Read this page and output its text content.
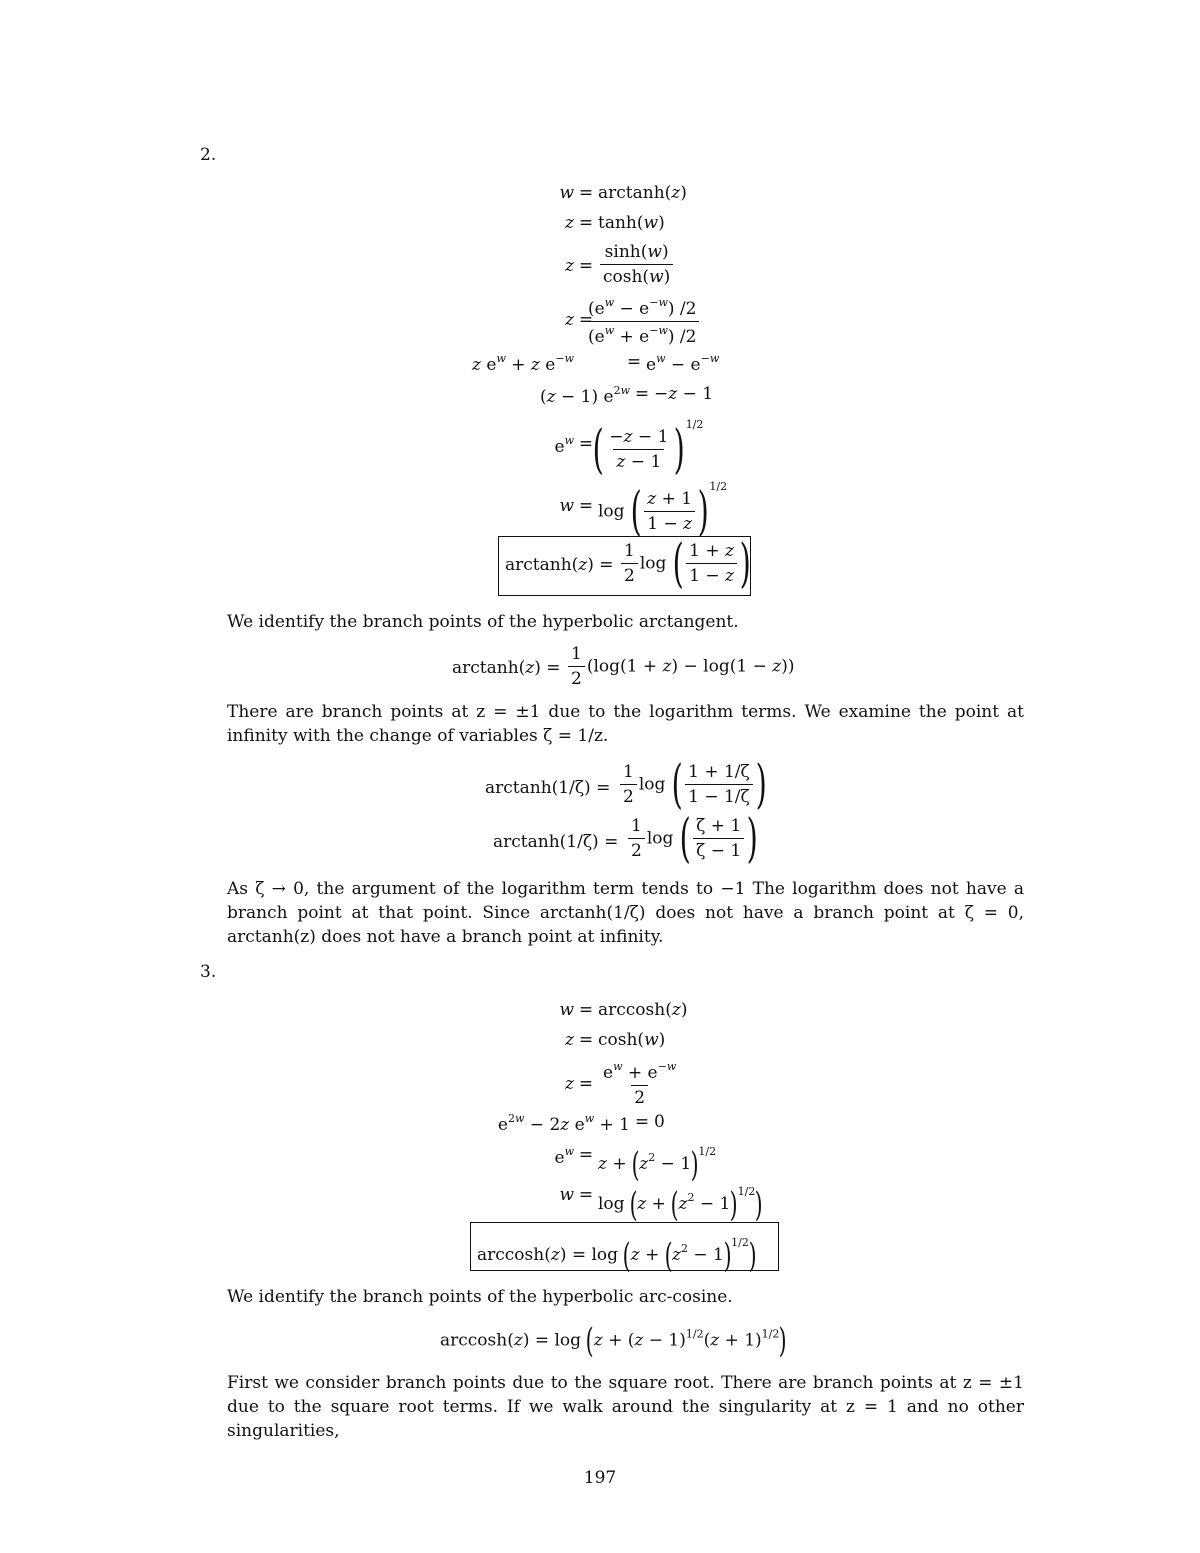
2.
w = arctanh(z)
z = tanh(w)
$z = \frac{\sinh(w)}{\cosh(w)}$
z =
$\frac{(e^w - e^{-w}) /2}{(e^w + e^{-w}) /2}$
z $e^w + z$ $e^{-w}$	= $e^w - e^{-w}$
(z − 1) $e^{2w} = -z - 1$
$e^w$ = ( $\frac{-z - 1}{z - 1} )^{1/2}$
w = log ( $\frac{z + 1}{1 - z} )^{1/2}$
$\arctan h(z) = \frac{1}{2}$ log ( $\frac{1 + z}{1 - z}$ )
We identify the branch points of the hyperbolic arctangent.
$\arctan h(z) = \frac{1}{2} (\log(1 + z) - \log(1 - z))$
There are branch points at z = ±1 due to the logarithm terms. We examine the point at infinity with the change of variables ζ = 1/z.
$\arctan h(1/\zeta) = \frac{1}{2}$ log ( $\frac{1 + 1/\zeta}{1 - 1/\zeta}$ )
$\arctan h(1/\zeta) = \frac{1}{2}$ log ( $\frac{\zeta + 1}{\zeta - 1}$ )
As ζ → 0, the argument of the logarithm term tends to −1 The logarithm does not have a branch point at that point. Since arctanh(1/ζ) does not have a branch point at ζ = 0, arctanh(z) does not have a branch point at infinity.
3.
w = arccosh(z)
z = cosh(w)
$z = \frac{e^w + e^{-w}}{2}$
$e^{2w} - 2z$ $e^w + 1 = 0$
$e^w = z + (z^2 - 1)^{1/2}$
$w = \log (z + (z^2 - 1)^{1/2})$
$\arccos h(z) = \log (z + (z^2 - 1)^{1/2})$
We identify the branch points of the hyperbolic arc-cosine.
$\arccos h(z) = \log (z + (z - 1)^{1/2}(z + 1)^{1/2})$
First we consider branch points due to the square root. There are branch points at z = ±1 due to the square root terms. If we walk around the singularity at z = 1 and no other singularities,
197
